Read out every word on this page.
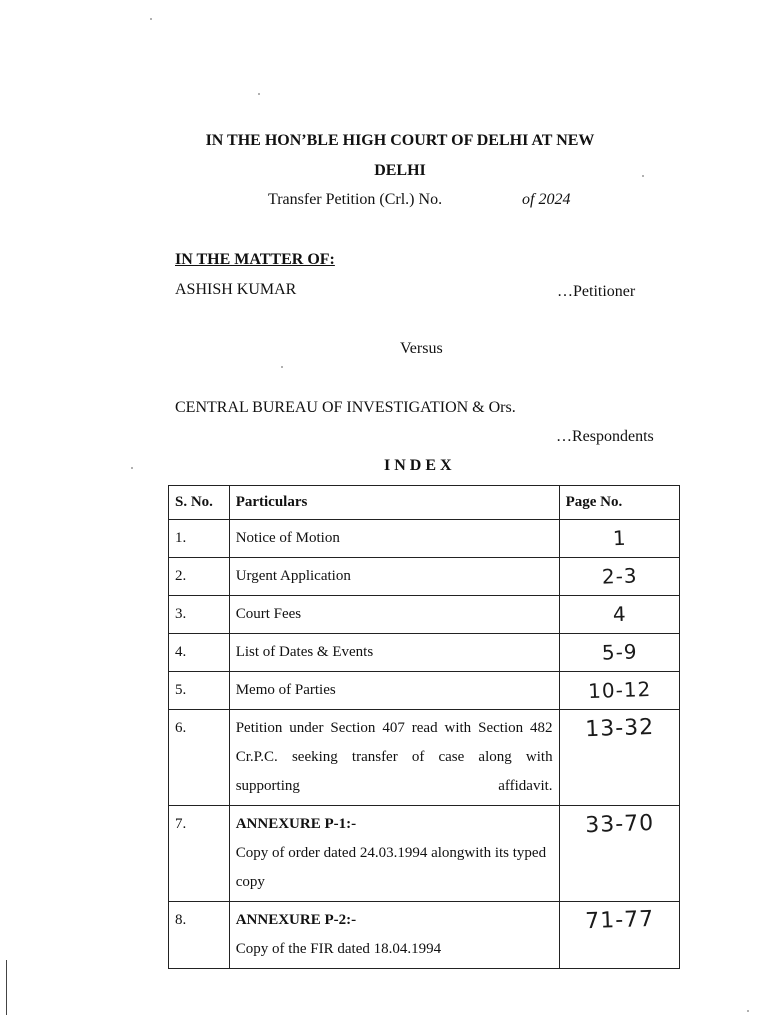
IN THE HON’BLE HIGH COURT OF DELHI AT NEW
DELHI
Transfer Petition (Crl.) No.	of 2024
IN THE MATTER OF:
ASHISH KUMAR	…Petitioner
Versus
CENTRAL BUREAU OF INVESTIGATION & Ors.
…Respondents
INDEX
S. No.	Particulars	Page No.
1.	Notice of Motion	1

2.	Urgent Application	2-3

3.	Court Fees	4

4.	List of Dates & Events	5-9

5.	Memo of Parties	10-12

6.	Petition under Section 407 read with Section 482 Cr.P.C. seeking transfer of case along with supporting affidavit.	13-32

7.	ANNEXURE P-1:-
Copy of order dated 24.03.1994 alongwith its typed copy	33-70

8.	ANNEXURE P-2:-
Copy of the FIR dated 18.04.1994	71-77
